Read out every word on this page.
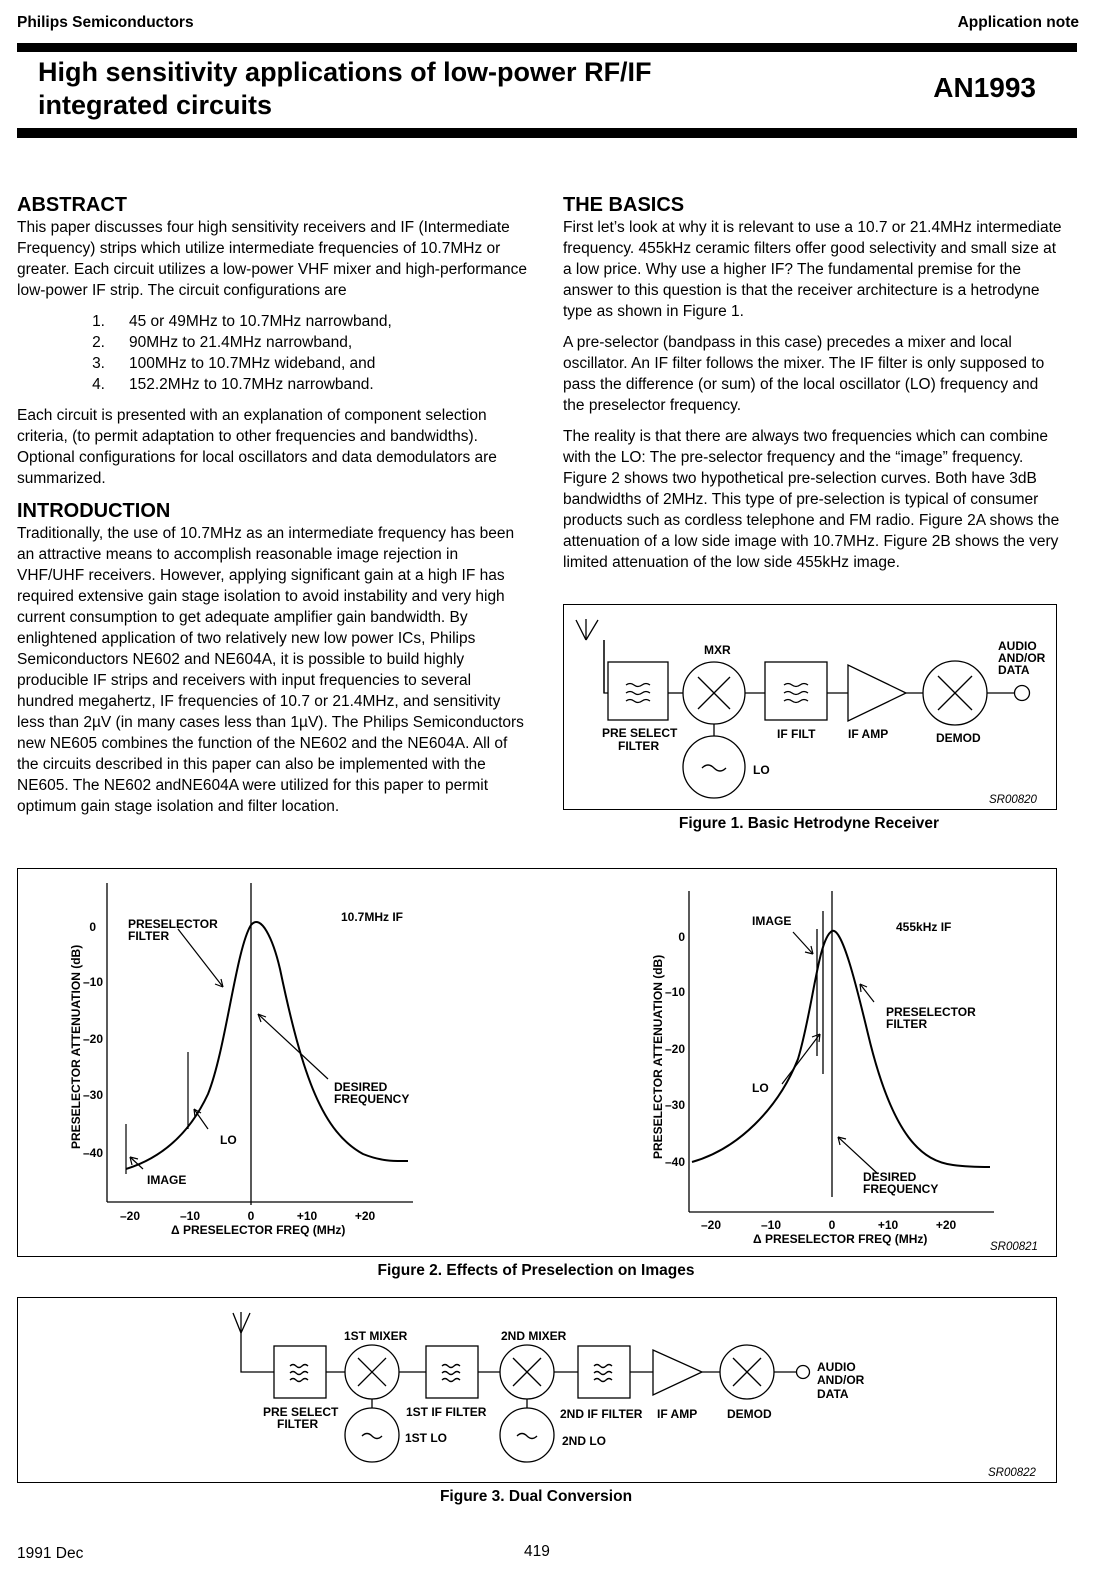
Philips Semiconductors	Application note
High sensitivity applications of low-power RF/IF
integrated circuits
AN1993
ABSTRACT

This paper discusses four high sensitivity receivers and IF (Intermediate Frequency) strips which utilize intermediate frequencies of 10.7MHz or greater. Each circuit utilizes a low-power VHF mixer and high-performance low-power IF strip. The circuit configurations are

1.	45 or 49MHz to 10.7MHz narrowband,
2.	90MHz to 21.4MHz narrowband,
3.	100MHz to 10.7MHz wideband, and
4.	152.2MHz to 10.7MHz narrowband.

Each circuit is presented with an explanation of component selection criteria, (to permit adaptation to other frequencies and bandwidths). Optional configurations for local oscillators and data demodulators are summarized.

INTRODUCTION

Traditionally, the use of 10.7MHz as an intermediate frequency has been an attractive means to accomplish reasonable image rejection in VHF/UHF receivers. However, applying significant gain at a high IF has required extensive gain stage isolation to avoid instability and very high current consumption to get adequate amplifier gain bandwidth. By enlightened application of two relatively new low power ICs, Philips Semiconductors NE602 and NE604A, it is possible to build highly producible IF strips and receivers with input frequencies to several hundred megahertz, IF frequencies of 10.7 or 21.4MHz, and sensitivity less than 2µV (in many cases less than 1µV). The Philips Semiconductors new NE605 combines the function of the NE602 and the NE604A. All of the circuits described in this paper can also be implemented with the NE605. The NE602 andNE604A were utilized for this paper to permit optimum gain stage isolation and filter location.

THE BASICS

First let’s look at why it is relevant to use a 10.7 or 21.4MHz intermediate frequency. 455kHz ceramic filters offer good selectivity and small size at a low price. Why use a higher IF? The fundamental premise for the answer to this question is that the receiver architecture is a hetrodyne type as shown in Figure 1.

A pre-selector (bandpass in this case) precedes a mixer and local oscillator. An IF filter follows the mixer. The IF filter is only supposed to pass the difference (or sum) of the local oscillator (LO) frequency and the preselector frequency.

The reality is that there are always two frequencies which can combine with the LO: The pre-selector frequency and the “image” frequency. Figure 2 shows two hypothetical pre-selection curves. Both have 3dB bandwidths of 2MHz. This type of pre-selection is typical of consumer products such as cordless telephone and FM radio. Figure 2A shows the attenuation of a low side image with 10.7MHz. Figure 2B shows the very limited attenuation of the low side 455kHz image.

MXR	AUDIO
AND/OR
DATA
PRE SELECT
FILTER
IF FILT	IF AMP	DEMOD
LO
SR00820
Figure 1. Basic Hetrodyne Receiver
0
–10
–20
–30
–40
–20	–10	0	+10	+20
Δ PRESELECTOR FREQ (MHz)
PRESELECTOR ATTENUATION (dB)
10.7MHz IF
PRESELECTOR
FILTER
DESIRED
FREQUENCY
LO
IMAGE
0
–10
–20
–30
–40
–20	–10	0	+10	+20
Δ PRESELECTOR FREQ (MHz)
PRESELECTOR ATTENUATION (dB)
455kHz IF
IMAGE
PRESELECTOR
FILTER
LO
DESIRED
FREQUENCY
SR00821
Figure 2. Effects of Preselection on Images
1ST MIXER	2ND MIXER
AUDIO
AND/OR
DATA
PRE SELECT
FILTER
1ST IF FILTER	2ND IF FILTER IF AMP DEMOD
1ST LO	2ND LO
SR00822
Figure 3. Dual Conversion
1991 Dec	419
